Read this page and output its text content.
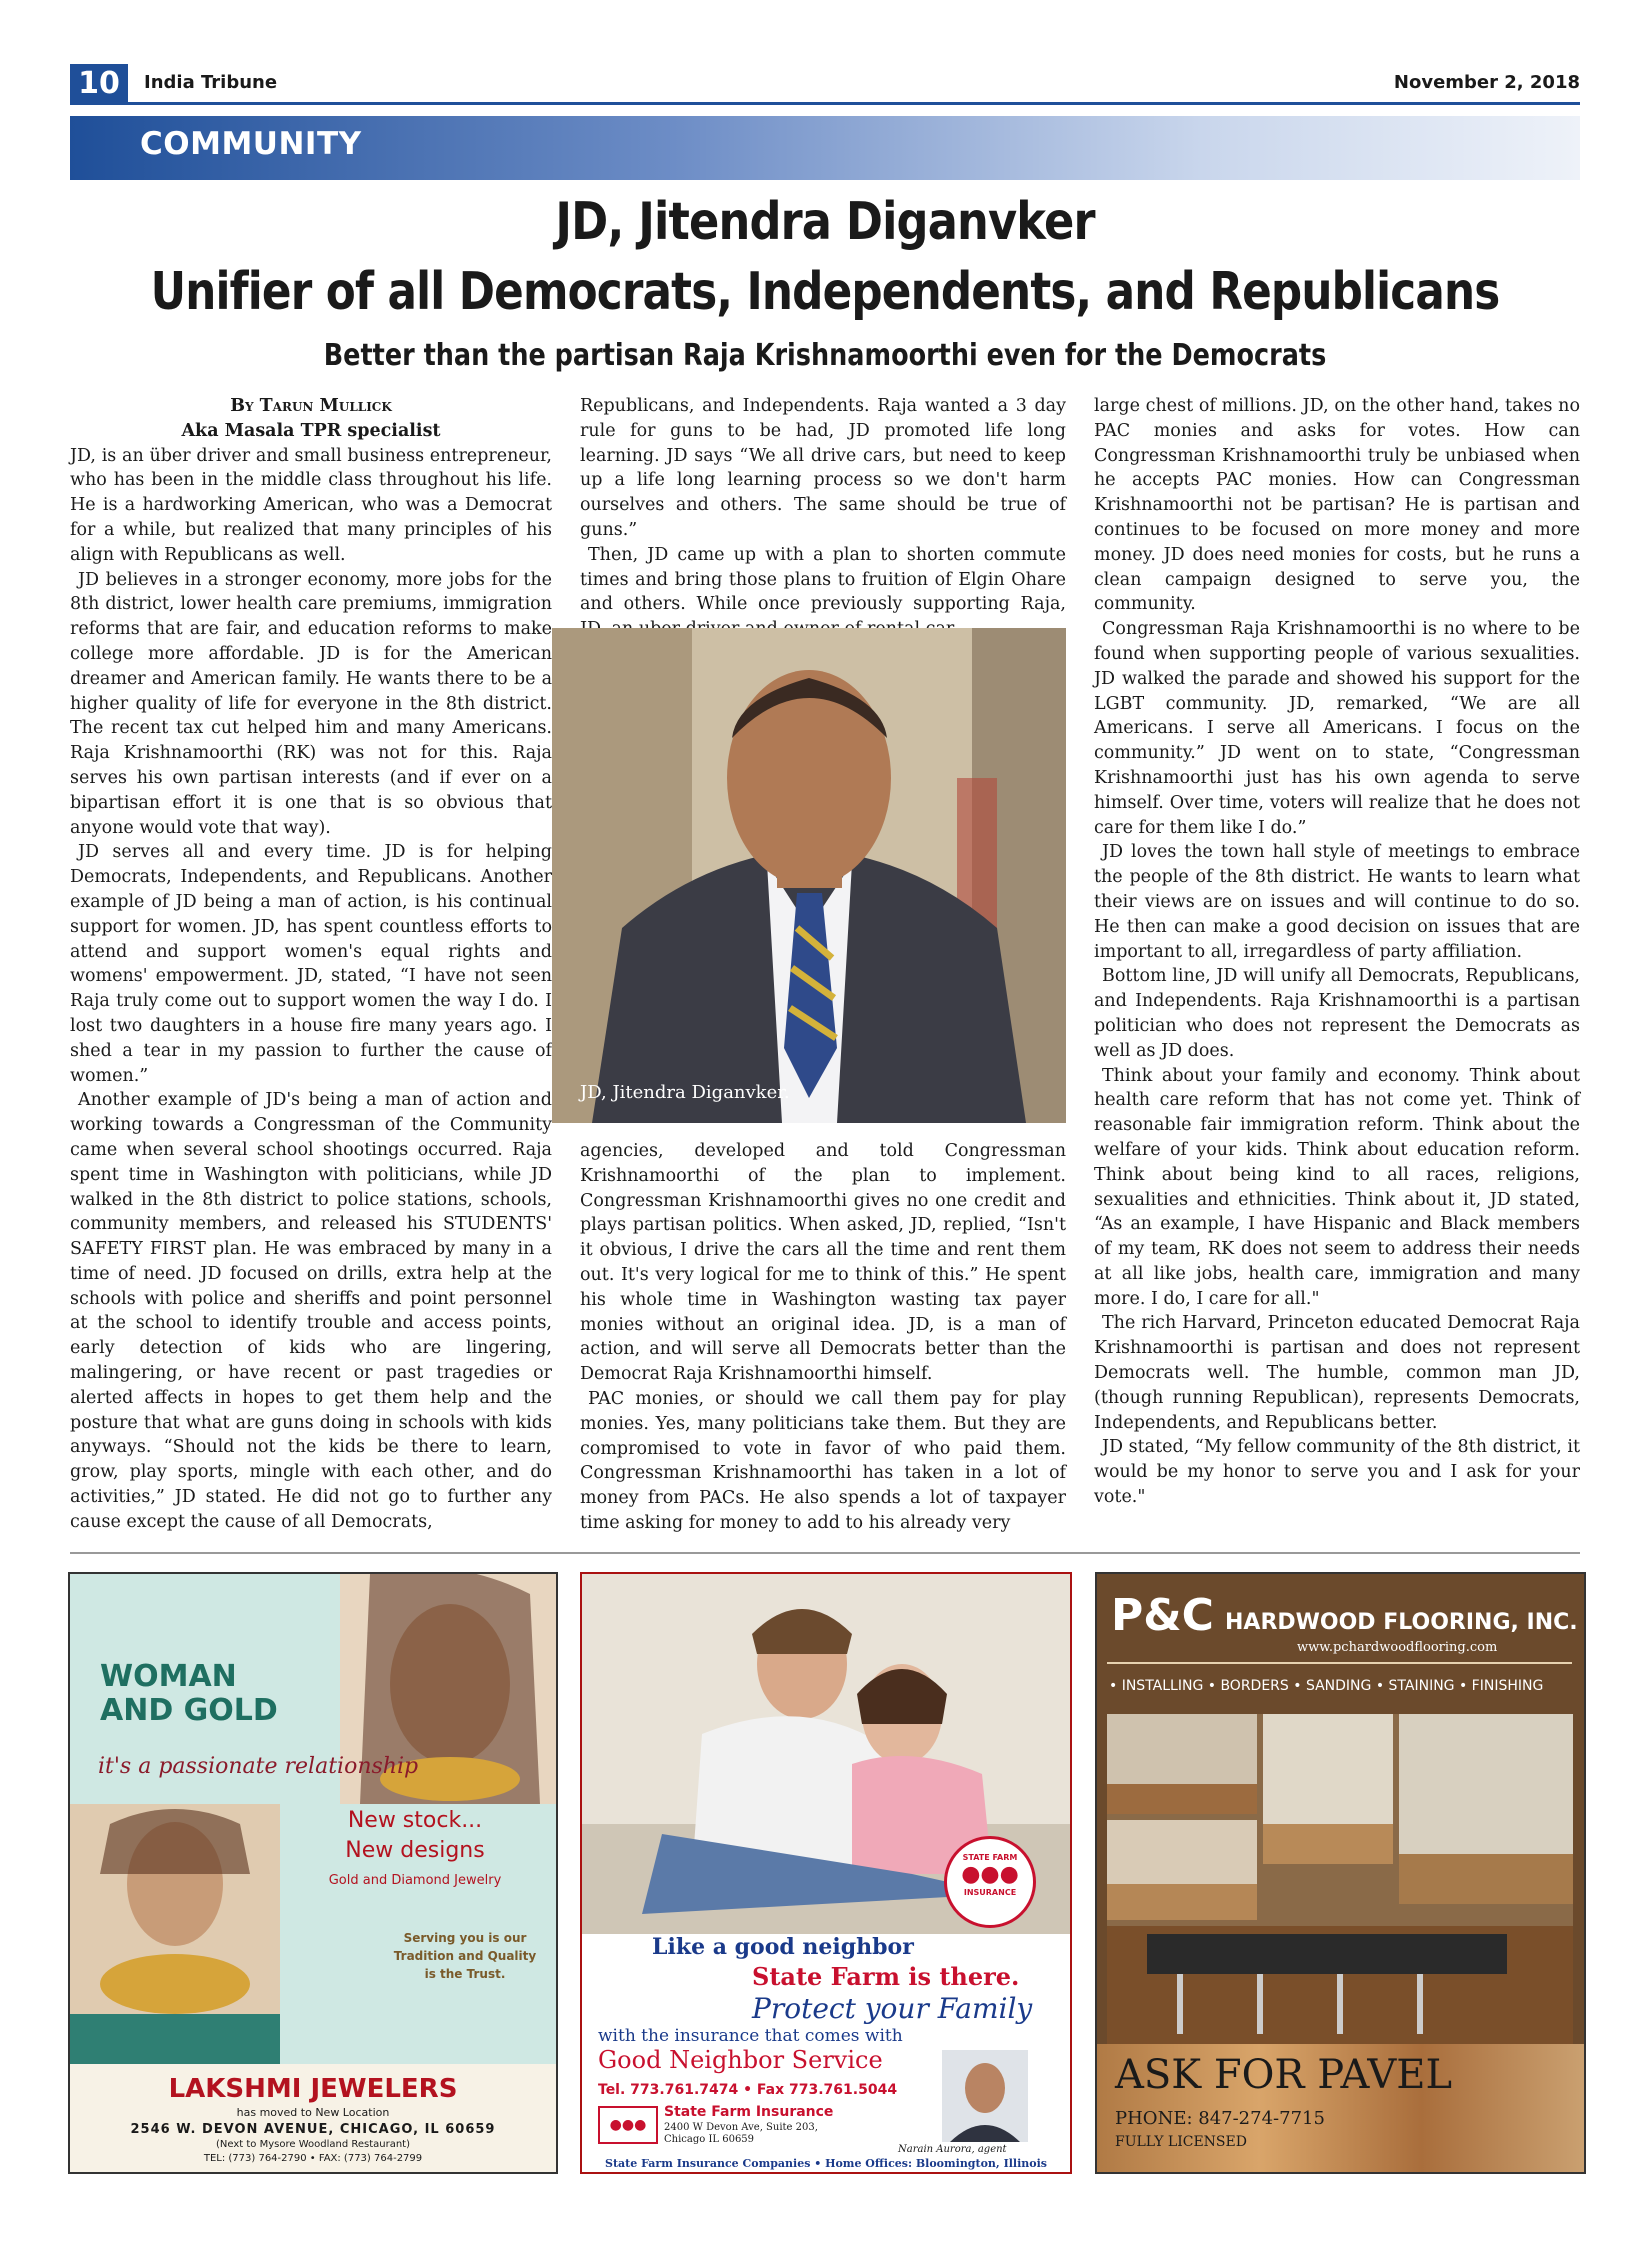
10	India Tribune	November 2, 2018
COMMUNITY
JD, Jitendra Diganvker
Unifier of all Democrats, Independents, and Republicans
Better than the partisan Raja Krishnamoorthi even for the Democrats
By Tarun Mullick
Aka Masala TPR specialist

JD, is an über driver and small business entrepreneur, who has been in the middle class throughout his life. He is a hardworking American, who was a Democrat for a while, but realized that many principles of his align with Republicans as well.

JD believes in a stronger economy, more jobs for the 8th district, lower health care premiums, immigration reforms that are fair, and education reforms to make college more affordable. JD is for the American dreamer and American family. He wants there to be a higher quality of life for everyone in the 8th district. The recent tax cut helped him and many Americans. Raja Krishnamoorthi (RK) was not for this. Raja serves his own partisan interests (and if ever on a bipartisan effort it is one that is so obvious that anyone would vote that way).

JD serves all and every time. JD is for helping Democrats, Independents, and Republicans. Another example of JD being a man of action, is his continual support for women. JD, has spent countless efforts to attend and support women's equal rights and womens' empowerment. JD, stated, “I have not seen Raja truly come out to support women the way I do. I lost two daughters in a house fire many years ago. I shed a tear in my passion to further the cause of women.”

Another example of JD's being a man of action and working towards a Congressman of the Community came when several school shootings occurred. Raja spent time in Washington with politicians, while JD walked in the 8th district to police stations, schools, community members, and released his STUDENTS' SAFETY FIRST plan. He was embraced by many in a time of need. JD focused on drills, extra help at the schools with police and sheriffs and point personnel at the school to identify trouble and access points, early detection of kids who are lingering, malingering, or have recent or past tragedies or alerted affects in hopes to get them help and the posture that what are guns doing in schools with kids anyways. “Should not the kids be there to learn, grow, play sports, mingle with each other, and do activities,” JD stated. He did not go to further any cause except the cause of all Democrats,

Republicans, and Independents. Raja wanted a 3 day rule for guns to be had, JD promoted life long learning. JD says “We all drive cars, but need to keep up a life long learning process so we don't harm ourselves and others. The same should be true of guns.”

Then, JD came up with a plan to shorten commute times and bring those plans to fruition of Elgin Ohare and others. While once previously supporting Raja,

JD, Jitendra Diganvker.

agencies, developed and told Congressman Krishnamoorthi of the plan to implement. Congressman Krishnamoorthi gives no one credit and plays partisan politics. When asked, JD, replied, “Isn't it obvious, I drive the cars all the time and rent them out. It's very logical for me to think of this.” He spent his whole time in Washington wasting tax payer monies without an original idea. JD, is a man of action, and will serve all Democrats better than the Democrat Raja Krishnamoorthi himself.

PAC monies, or should we call them pay for play monies. Yes, many politicians take them. But they are compromised to vote in favor of who paid them. Congressman Krishnamoorthi has taken in a lot of money from PACs. He also spends a lot of taxpayer time asking for money to add to his already very

large chest of millions. JD, on the other hand, takes no PAC monies and asks for votes. How can Congressman Krishnamoorthi truly be unbiased when he accepts PAC monies. How can Congressman Krishnamoorthi not be partisan? He is partisan and continues to be focused on more money and more money. JD does need monies for costs, but he runs a clean campaign designed to serve you, the community.

Congressman Raja Krishnamoorthi is no where to be found when supporting people of various sexualities. JD walked the parade and showed his support for the LGBT community. JD, remarked, “We are all Americans. I serve all Americans. I focus on the community.” JD went on to state, “Congressman Krishnamoorthi just has his own agenda to serve himself. Over time, voters will realize that he does not care for them like I do.”

JD loves the town hall style of meetings to embrace the people of the 8th district. He wants to learn what their views are on issues and will continue to do so. He then can make a good decision on issues that are important to all, irregardless of party affiliation.

Bottom line, JD will unify all Democrats, Republicans, and Independents. Raja Krishnamoorthi is a partisan politician who does not represent the Democrats as well as JD does.

Think about your family and economy. Think about health care reform that has not come yet. Think of reasonable fair immigration reform. Think about the welfare of your kids. Think about education reform. Think about being kind to all races, religions, sexualities and ethnicities. Think about it, JD stated, “As an example, I have Hispanic and Black members of my team, RK does not seem to address their needs at all like jobs, health care, immigration and many more. I do, I care for all."

The rich Harvard, Princeton educated Democrat Raja Krishnamoorthi is partisan and does not represent Democrats well. The humble, common man JD, (though running Republican), represents Democrats, Independents, and Republicans better.

JD stated, “My fellow community of the 8th district, it would be my honor to serve you and I ask for your vote."

WOMAN
AND GOLD
it's a passionate relationship
New stock...
New designs
Gold and Diamond Jewelry
Serving you is our Tradition and Quality is the Trust.
LAKSHMI JEWELERS
has moved to New Location
2546 W. DEVON AVENUE, CHICAGO, IL 60659
(Next to Mysore Woodland Restaurant)
TEL: (773) 764-2790 • FAX: (773) 764-2799
STATE FARM
●●●
INSURANCE
Like a good neighbor
State Farm is there.
Protect your Family
with the insurance that comes with
Good Neighbor Service
Tel. 773.761.7474 • Fax 773.761.5044
●●●
State Farm Insurance
2400 W Devon Ave, Suite 203,
Chicago IL 60659
Narain Aurora, agent
State Farm Insurance Companies • Home Offices: Bloomington, Illinois
P&C HARDWOOD FLOORING, INC.
www.pchardwoodflooring.com
• INSTALLING • BORDERS • SANDING • STAINING • FINISHING
ASK FOR PAVEL
PHONE: 847-274-7715
FULLY LICENSED
